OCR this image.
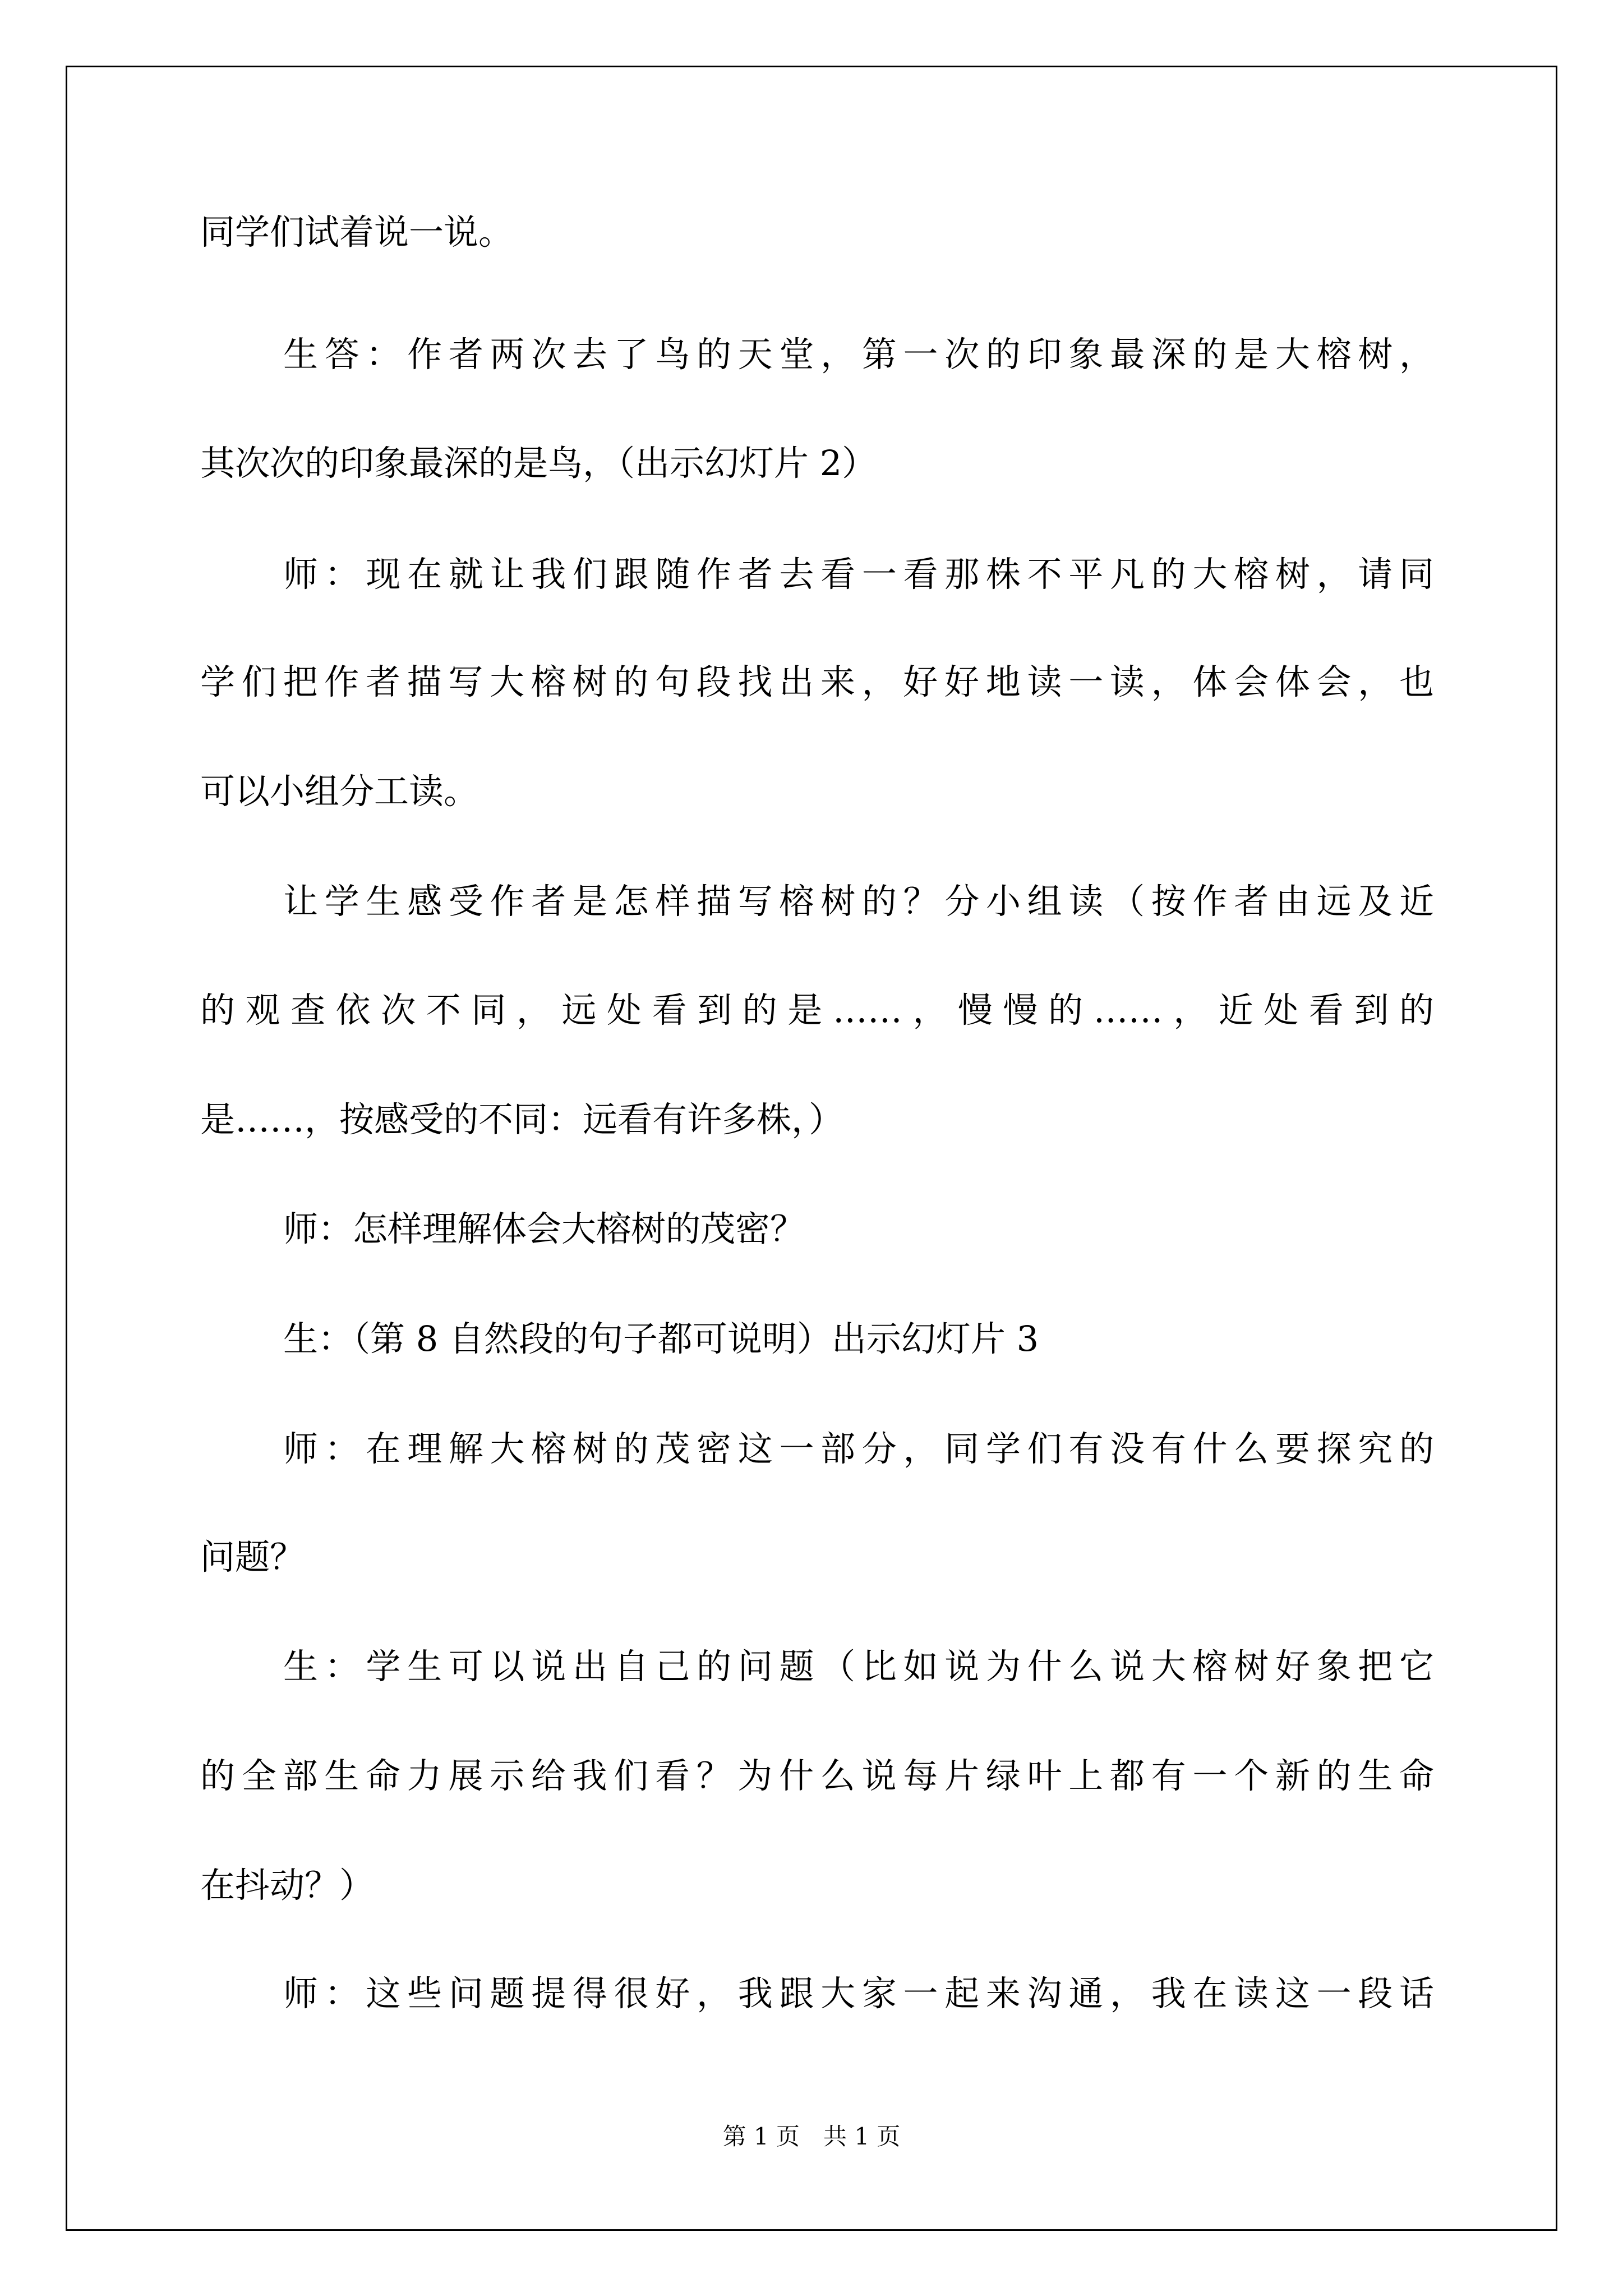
同学们试着说一说。

生答：作者两次去了鸟的天堂，第一次的印象最深的是大榕树，

其次次的印象最深的是鸟，（出示幻灯片 2）

师：现在就让我们跟随作者去看一看那株不平凡的大榕树，请同

学们把作者描写大榕树的句段找出来，好好地读一读，体会体会，也

可以小组分工读。

让学生感受作者是怎样描写榕树的？分小组读（按作者由远及近

的观查依次不同，远处看到的是……，慢慢的……，近处看到的

是……，按感受的不同：远看有许多株，）

师：怎样理解体会大榕树的茂密？

生：（第 8 自然段的句子都可说明）出示幻灯片 3

师：在理解大榕树的茂密这一部分，同学们有没有什么要探究的

问题？

生：学生可以说出自己的问题（比如说为什么说大榕树好象把它

的全部生命力展示给我们看？为什么说每片绿叶上都有一个新的生命

在抖动？）

师：这些问题提得很好，我跟大家一起来沟通，我在读这一段话

第 1 页　共 1 页
